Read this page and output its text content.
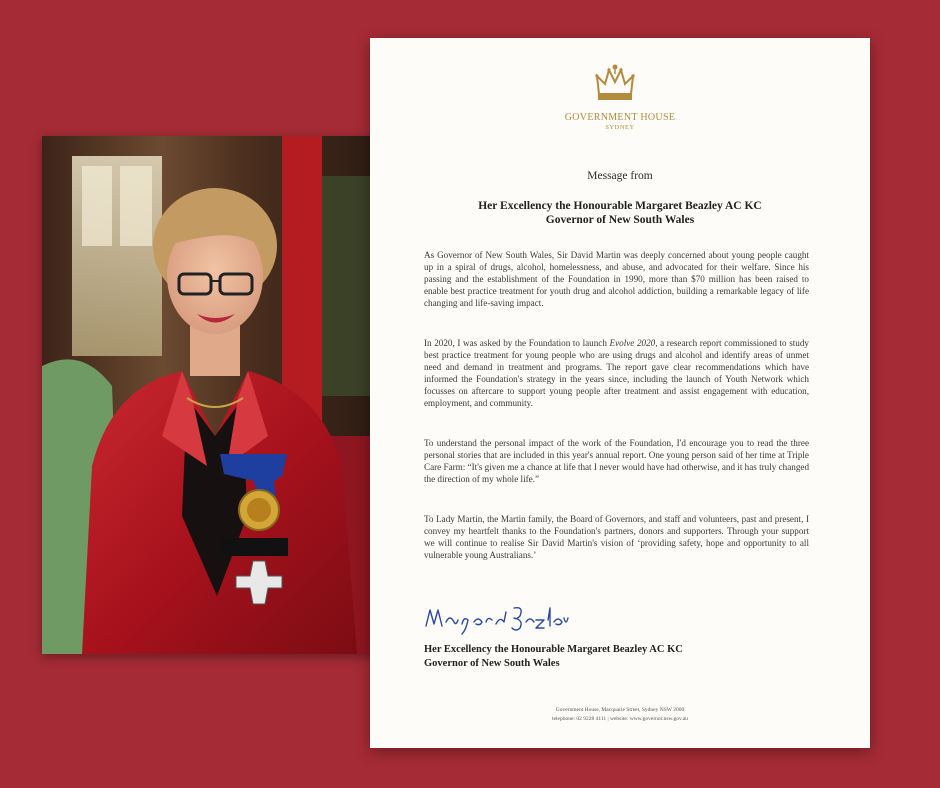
GOVERNMENT HOUSE
SYDNEY
Message from
Her Excellency the Honourable Margaret Beazley AC KC
Governor of New South Wales

As Governor of New South Wales, Sir David Martin was deeply concerned about young people caught up in a spiral of drugs, alcohol, homelessness, and abuse, and advocated for their welfare. Since his passing and the establishment of the Foundation in 1990, more than $70 million has been raised to enable best practice treatment for youth drug and alcohol addiction, building a remarkable legacy of life changing and life-saving impact.

In 2020, I was asked by the Foundation to launch Evolve 2020, a research report commissioned to study best practice treatment for young people who are using drugs and alcohol and identify areas of unmet need and demand in treatment and programs. The report gave clear recommendations which have informed the Foundation's strategy in the years since, including the launch of Youth Network which focusses on aftercare to support young people after treatment and assist engagement with education, employment, and community.

To understand the personal impact of the work of the Foundation, I'd encourage you to read the three personal stories that are included in this year's annual report. One young person said of her time at Triple Care Farm: “It's given me a chance at life that I never would have had otherwise, and it has truly changed the direction of my whole life.”

To Lady Martin, the Martin family, the Board of Governors, and staff and volunteers, past and present, I convey my heartfelt thanks to the Foundation's partners, donors and supporters. Through your support we will continue to realise Sir David Martin's vision of ‘providing safety, hope and opportunity to all vulnerable young Australians.’

Her Excellency the Honourable Margaret Beazley AC KC
Governor of New South Wales
Government House, Macquarie Street, Sydney NSW 2000
telephone: 02 9228 4111 | website: www.governor.nsw.gov.au
